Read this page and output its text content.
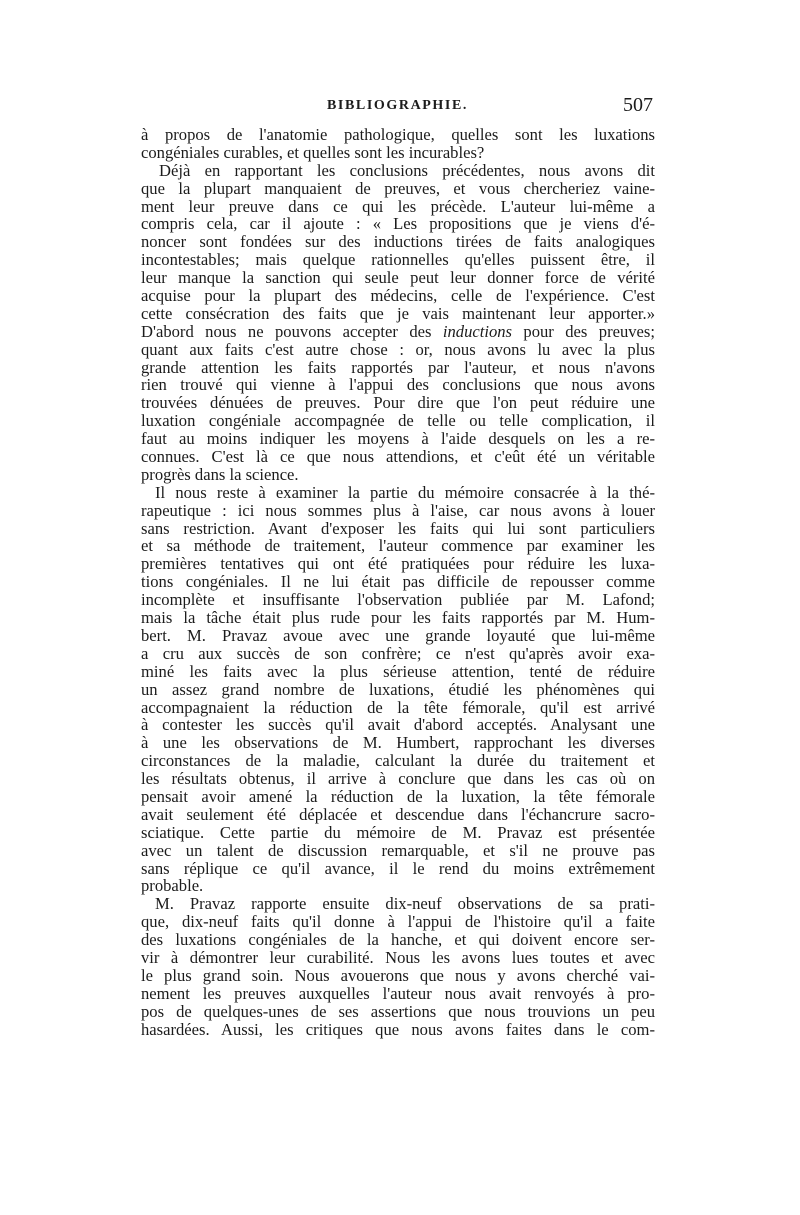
BIBLIOGRAPHIE.	507
à propos de l'anatomie pathologique, quelles sont les luxations
congéniales curables, et quelles sont les incurables?
Déjà en rapportant les conclusions précédentes, nous avons dit
que la plupart manquaient de preuves, et vous chercheriez vaine-
ment leur preuve dans ce qui les précède. L'auteur lui-même a
compris cela, car il ajoute : « Les propositions que je viens d'é-
noncer sont fondées sur des inductions tirées de faits analogiques
incontestables; mais quelque rationnelles qu'elles puissent être, il
leur manque la sanction qui seule peut leur donner force de vérité
acquise pour la plupart des médecins, celle de l'expérience. C'est
cette consécration des faits que je vais maintenant leur apporter.»
D'abord nous ne pouvons accepter des inductions pour des preuves;
quant aux faits c'est autre chose : or, nous avons lu avec la plus
grande attention les faits rapportés par l'auteur, et nous n'avons
rien trouvé qui vienne à l'appui des conclusions que nous avons
trouvées dénuées de preuves. Pour dire que l'on peut réduire une
luxation congéniale accompagnée de telle ou telle complication, il
faut au moins indiquer les moyens à l'aide desquels on les a re-
connues. C'est là ce que nous attendions, et c'eût été un véritable
progrès dans la science.
Il nous reste à examiner la partie du mémoire consacrée à la thé-
rapeutique : ici nous sommes plus à l'aise, car nous avons à louer
sans restriction. Avant d'exposer les faits qui lui sont particuliers
et sa méthode de traitement, l'auteur commence par examiner les
premières tentatives qui ont été pratiquées pour réduire les luxa-
tions congéniales. Il ne lui était pas difficile de repousser comme
incomplète et insuffisante l'observation publiée par M. Lafond;
mais la tâche était plus rude pour les faits rapportés par M. Hum-
bert. M. Pravaz avoue avec une grande loyauté que lui-même
a cru aux succès de son confrère; ce n'est qu'après avoir exa-
miné les faits avec la plus sérieuse attention, tenté de réduire
un assez grand nombre de luxations, étudié les phénomènes qui
accompagnaient la réduction de la tête fémorale, qu'il est arrivé
à contester les succès qu'il avait d'abord acceptés. Analysant une
à une les observations de M. Humbert, rapprochant les diverses
circonstances de la maladie, calculant la durée du traitement et
les résultats obtenus, il arrive à conclure que dans les cas où on
pensait avoir amené la réduction de la luxation, la tête fémorale
avait seulement été déplacée et descendue dans l'échancrure sacro-
sciatique. Cette partie du mémoire de M. Pravaz est présentée
avec un talent de discussion remarquable, et s'il ne prouve pas
sans réplique ce qu'il avance, il le rend du moins extrêmement
probable.
M. Pravaz rapporte ensuite dix-neuf observations de sa prati-
que, dix-neuf faits qu'il donne à l'appui de l'histoire qu'il a faite
des luxations congéniales de la hanche, et qui doivent encore ser-
vir à démontrer leur curabilité. Nous les avons lues toutes et avec
le plus grand soin. Nous avouerons que nous y avons cherché vai-
nement les preuves auxquelles l'auteur nous avait renvoyés à pro-
pos de quelques-unes de ses assertions que nous trouvions un peu
hasardées. Aussi, les critiques que nous avons faites dans le com-
